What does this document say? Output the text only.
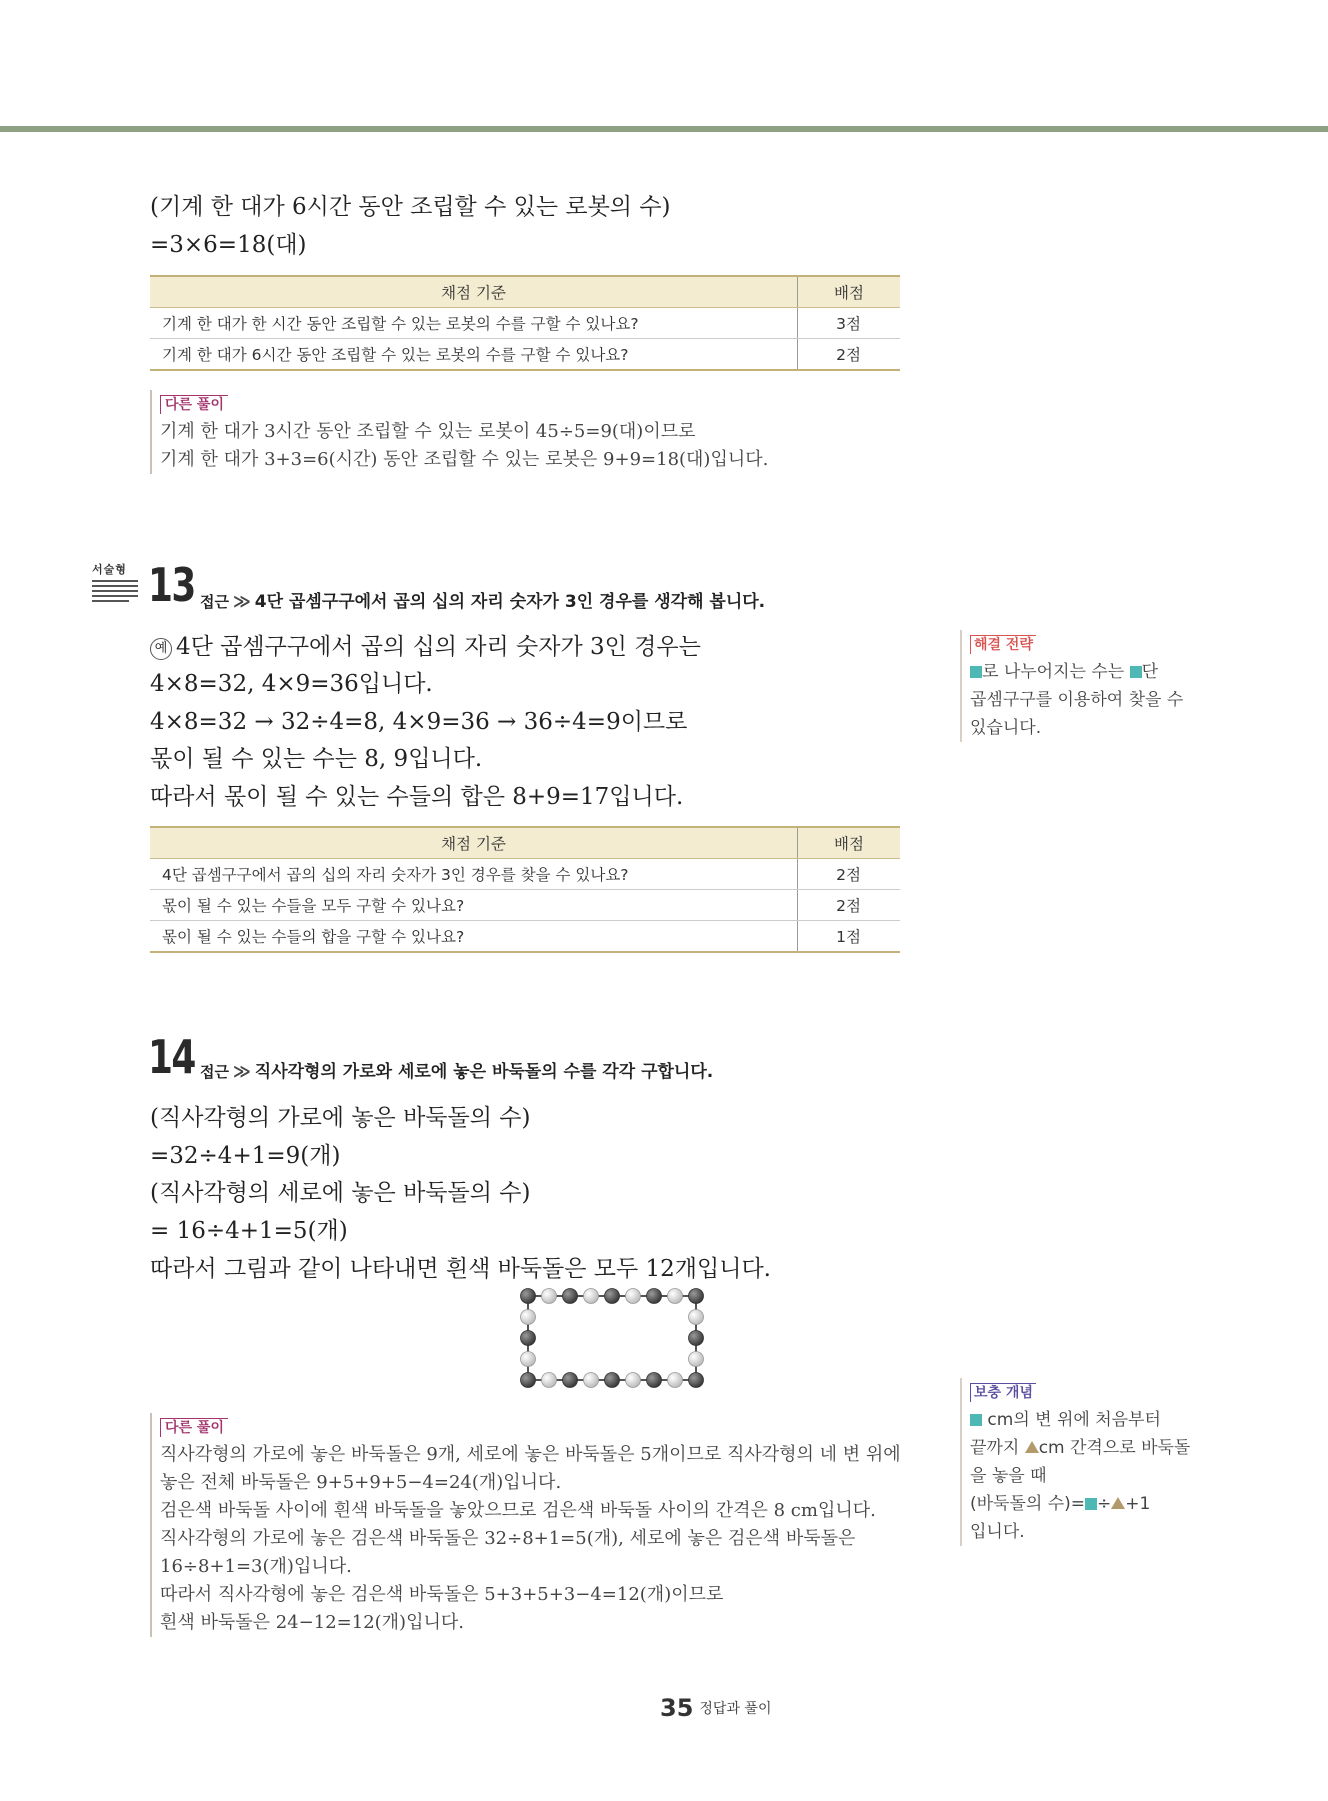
(기계 한 대가 6시간 동안 조립할 수 있는 로봇의 수)
=3×6=18(대)
채점 기준	배점
기계 한 대가 한 시간 동안 조립할 수 있는 로봇의 수를 구할 수 있나요?	3점
기계 한 대가 6시간 동안 조립할 수 있는 로봇의 수를 구할 수 있나요?	2점
다른 풀이
기계 한 대가 3시간 동안 조립할 수 있는 로봇이 45÷5=9(대)이므로
기계 한 대가 3+3=6(시간) 동안 조립할 수 있는 로봇은 9+9=18(대)입니다.
서술형 13 접근 ≫ 4단 곱셈구구에서 곱의 십의 자리 숫자가 3인 경우를 생각해 봅니다.
예 4단 곱셈구구에서 곱의 십의 자리 숫자가 3인 경우는
4×8=32, 4×9=36입니다.
4×8=32 → 32÷4=8, 4×9=36 → 36÷4=9이므로
몫이 될 수 있는 수는 8, 9입니다.
따라서 몫이 될 수 있는 수들의 합은 8+9=17입니다.
해결 전략
로 나누어지는 수는 단
곱셈구구를 이용하여 찾을 수
있습니다.
채점 기준	배점
4단 곱셈구구에서 곱의 십의 자리 숫자가 3인 경우를 찾을 수 있나요?	2점
몫이 될 수 있는 수들을 모두 구할 수 있나요?	2점
몫이 될 수 있는 수들의 합을 구할 수 있나요?	1점
14 접근 ≫ 직사각형의 가로와 세로에 놓은 바둑돌의 수를 각각 구합니다.
(직사각형의 가로에 놓은 바둑돌의 수)
=32÷4+1=9(개)
(직사각형의 세로에 놓은 바둑돌의 수)
= 16÷4+1=5(개)
따라서 그림과 같이 나타내면 흰색 바둑돌은 모두 12개입니다.
보충 개념
cm의 변 위에 처음부터
끝까지 cm 간격으로 바둑돌
을 놓을 때
(바둑돌의 수)= ÷ +1
입니다.
다른 풀이
직사각형의 가로에 놓은 바둑돌은 9개, 세로에 놓은 바둑돌은 5개이므로 직사각형의 네 변 위에
놓은 전체 바둑돌은 9+5+9+5−4=24(개)입니다.
검은색 바둑돌 사이에 흰색 바둑돌을 놓았으므로 검은색 바둑돌 사이의 간격은 8 cm입니다.
직사각형의 가로에 놓은 검은색 바둑돌은 32÷8+1=5(개), 세로에 놓은 검은색 바둑돌은
16÷8+1=3(개)입니다.
따라서 직사각형에 놓은 검은색 바둑돌은 5+3+5+3−4=12(개)이므로
흰색 바둑돌은 24−12=12(개)입니다.
35 정답과 풀이
